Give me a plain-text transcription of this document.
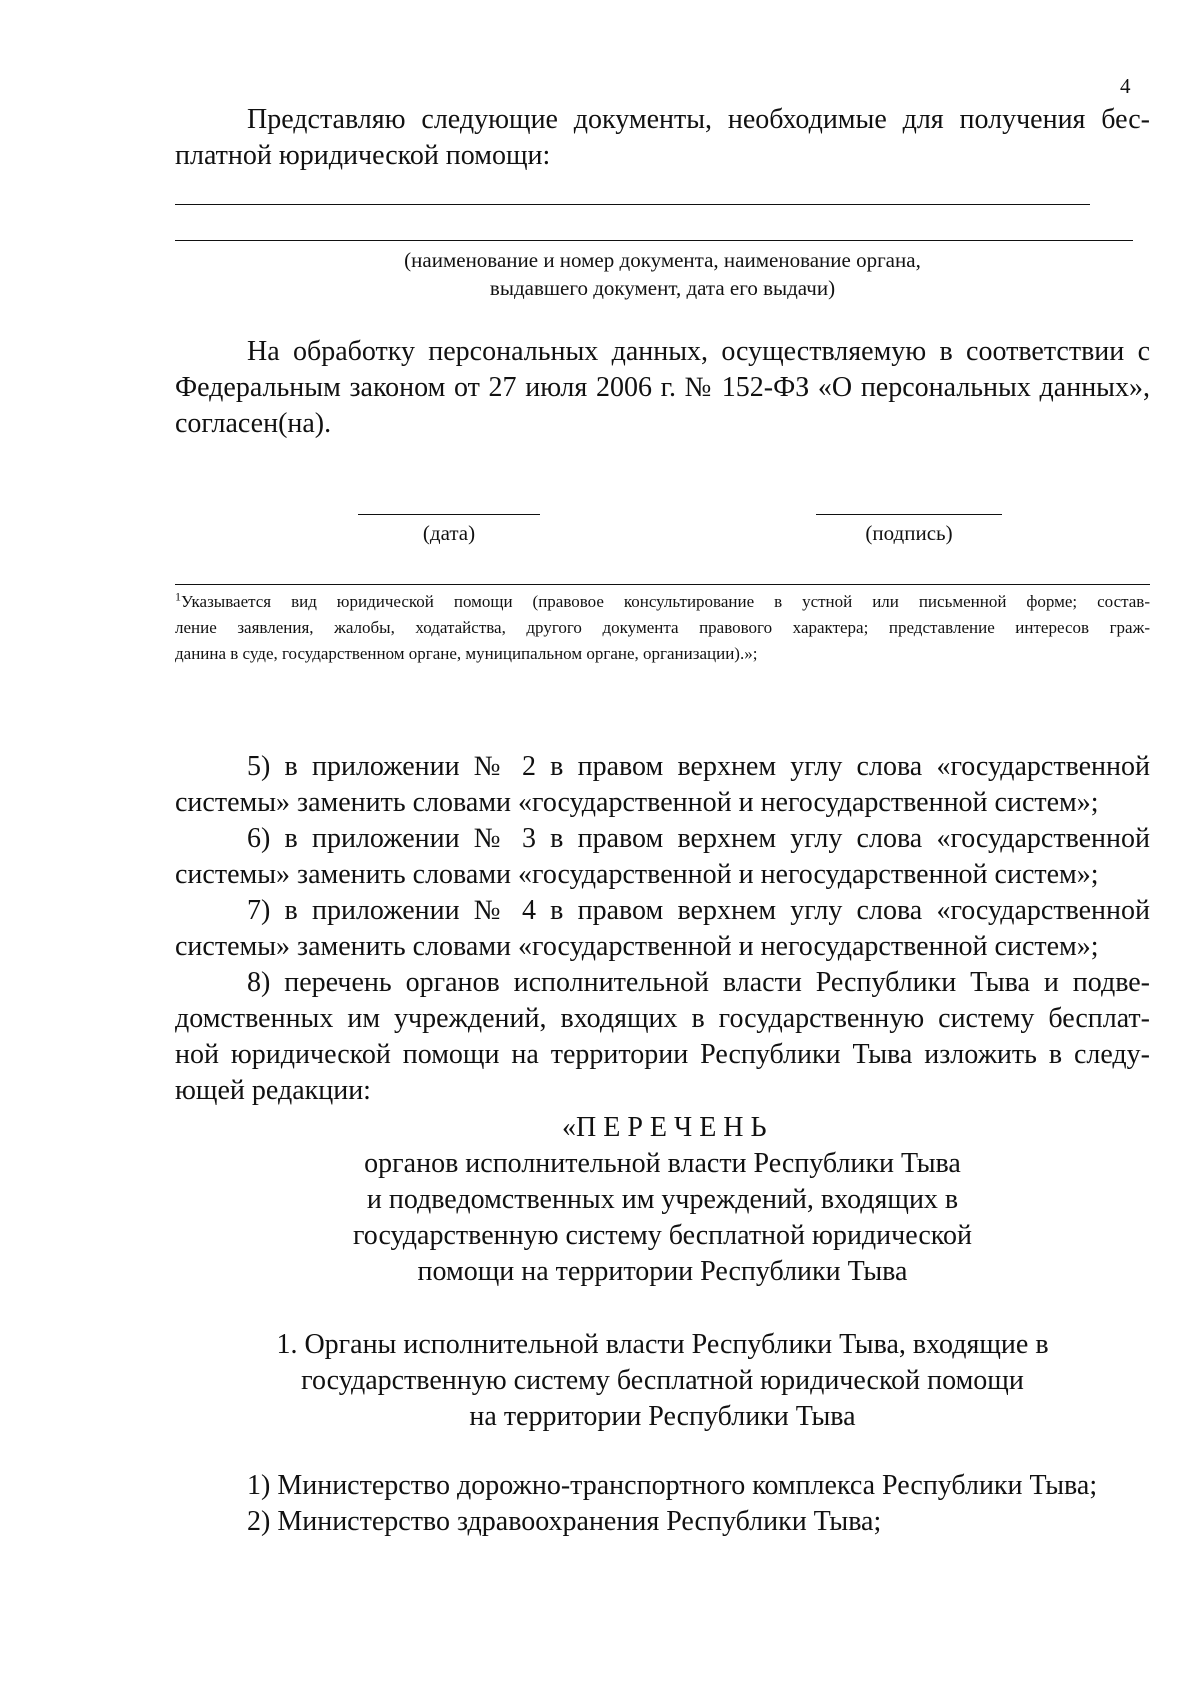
4
Представляю следующие документы, необходимые для получения бес-
платной юридической помощи:
(наименование и номер документа, наименование органа,
выдавшего документ, дата его выдачи)
На обработку персональных данных, осуществляемую в соответствии с
Федеральным законом от 27 июля 2006 г. № 152-ФЗ «О персональных данных»,
согласен(на).
(дата)	(подпись)
$^1$Указывается вид юридической помощи (правовое консультирование в устной или письменной форме; состав-
ление заявления, жалобы, ходатайства, другого документа правового характера; представление интересов граж-
данина в суде, государственном органе, муниципальном органе, организации).»;
5) в приложении № 2 в правом верхнем углу слова «государственной
системы» заменить словами «государственной и негосударственной систем»;
6) в приложении № 3 в правом верхнем углу слова «государственной
системы» заменить словами «государственной и негосударственной систем»;
7) в приложении № 4 в правом верхнем углу слова «государственной
системы» заменить словами «государственной и негосударственной систем»;
8) перечень органов исполнительной власти Республики Тыва и подве-
домственных им учреждений, входящих в государственную систему бесплат-
ной юридической помощи на территории Республики Тыва изложить в следу-
ющей редакции:
«П Е Р Е Ч Е Н Ь
органов исполнительной власти Республики Тыва
и подведомственных им учреждений, входящих в
государственную систему бесплатной юридической
помощи на территории Республики Тыва
1. Органы исполнительной власти Республики Тыва, входящие в
государственную систему бесплатной юридической помощи
на территории Республики Тыва
1) Министерство дорожно-транспортного комплекса Республики Тыва;
2) Министерство здравоохранения Республики Тыва;
